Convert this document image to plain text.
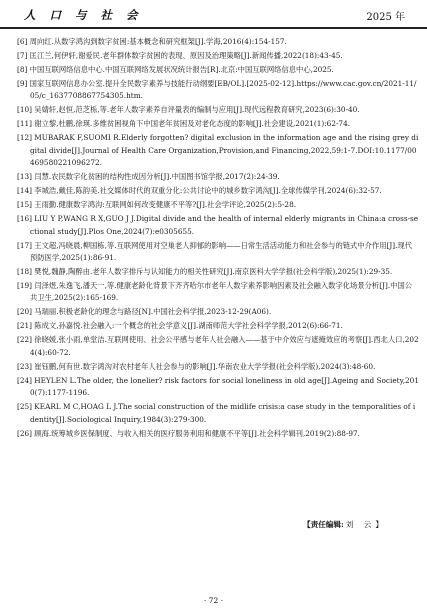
人 口 与 社 会	2025 年
[6] 周向红.从数字鸿沟到数字贫困:基本概念和研究框架[J].学海,2016(4):154-157.
[7] 匡江兰,何伊轩,谢爱民.老年群体数字贫困的表现、原因及治理策略[J].新闻传播,2022(18):43-45.
[8] 中国互联网络信息中心.中国互联网络发展状况统计报告[R].北京:中国互联网络信息中心,2025.
[9] 国家互联网信息办公室.提升全民数字素养与技能行动纲要[EB/OL].[2025-02-12].https://www.cac.gov.cn/2021-11/05/c_1637708867754305.htm.
[10] 吴婧轩,赵恒,范芝栎,等.老年人数字素养自评量表的编制与应用[J].现代远程教育研究,2023(6):30-40.
[11] 谢立黎,杜鹏,徐瑛.多维贫困视角下中国老年贫困及对老化态度的影响[J].社会建设,2021(1):62-74.
[12] MUBARAK F,SUOMI R.Elderly forgotten? digital exclusion in the information age and the rising grey digital divide[J].Journal of Health Care Organization,Provision,and Financing,2022,59:1-7.DOI:10.1177/00469580221096272.
[13] 闫慧.农民数字化贫困的结构性成因分析[J].中国图书馆学报,2017(2):24-39.
[14] 李城浩,戴佳,陈韵美.社交媒体时代的双重分化:公共讨论中的城乡数字鸿沟[J].全球传媒学刊,2024(6):32-57.
[15] 王雨勤.健康数字鸿沟:互联网如何改变健康不平等?[J].社会学评论,2025(2):5-28.
[16] LIU Y P,WANG R X,GUO J J.Digital divide and the health of internal elderly migrants in China:a cross-sectional study[J].Plos One,2024(7):e0305655.
[17] 王文超,冯晓晨,柳国栋,等.互联网使用对空巢老人抑郁的影响——日常生活活动能力和社会参与的链式中介作用[J].现代预防医学,2025(1):86-91.
[18] 樊悦,魏静,陶醉由.老年人数字排斥与认知能力的相关性研究[J].南京医科大学学报(社会科学版),2025(1):29-35.
[19] 闫泽煜,朱逸飞,潘天一,等.健康老龄化背景下齐齐哈尔市老年人数字素养影响因素及社会融入数字化场景分析[J].中国公共卫生,2025(2):165-169.
[20] 马瑞丽.积极老龄化的理念与路径[N].中国社会科学报,2023-12-29(A06).
[21] 陈成文,孙嘉悦.社会融入:一个概念的社会学意义[J].湖南师范大学社会科学学报,2012(6):66-71.
[22] 徐晓媛,张小雨,单堂洁.互联网使用、社会公平感与老年人社会融入——基于中介效应与遮掩效应的考察[J].西北人口,2024(4):60-72.
[23] 崔钰鹏,何有世.数字鸿沟对农村老年人社会参与的影响[J].华南农业大学学报(社会科学版),2024(3):48-60.
[24] HEYLEN L.The older, the lonelier? risk factors for social loneliness in old age[J].Ageing and Society,2010(7):1177-1196.
[25] KEARL M C,HOAG L J.The social construction of the midlife crisis:a case study in the temporalities of identity[J].Sociological Inquiry,1984(3):279-300.
[26] 顾海.统筹城乡医保制度、与收入相关的医疗服务利用和健康不平等[J].社会科学辑刊,2019(2):88-97.
【责任编辑: 刘 云】
· 72 ·
